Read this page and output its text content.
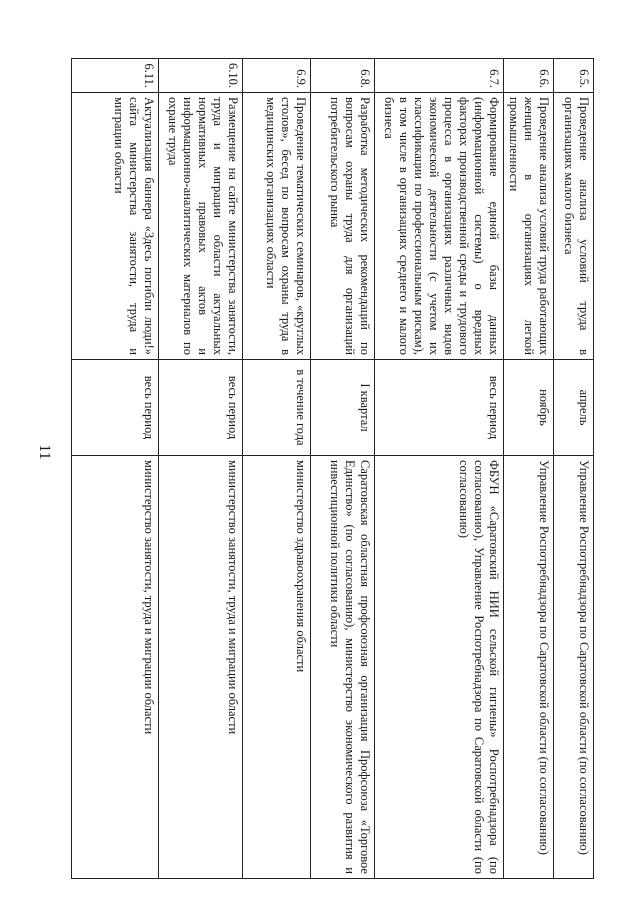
11
6.5.	Проведение анализа условий труда в организациях малого бизнеса	апрель	Управление Роспотребнадзора по Саратовской области (по согласованию)
6.6.	Проведение анализа условий труда работающих женщин в организациях легкой промышленности	ноябрь	Управление Роспотребнадзора по Саратовской области (по согласованию)
6.7.	Формирование единой базы данных (информационной системы) о вредных факторах производственной среды и трудового процесса в организациях различных видов экономической деятельности (с учетом их классификации по профессиональным рискам), в том числе в организациях среднего и малого бизнеса	весь период	ФБУН «Саратовский НИИ сельской гигиены» Роспотребнадзора (по согласованию), Управление Роспотребнадзора по Саратовской области (по согласованию)
6.8.	Разработка методических рекомендаций по вопросам охраны труда для организаций потребительского рынка	I квартал	Саратовская областная профсоюзная организация Профсоюза «Торговое Единство» (по согласованию), министерство экономического развития и инвестиционной политики области
6.9.	Проведение тематических семинаров, «круглых столов», бесед по вопросам охраны труда в медицинских организациях области	в течение года	министерство здравоохранения области
6.10.	Размещение на сайте министерства занятости, труда и миграции области актуальных нормативных правовых актов и информационно-аналитических материалов по охране труда	весь период	министерство занятости, труда и миграции области
6.11.	Актуализация баннера «Здесь погибли люди!» сайта министерства занятости, труда и миграции области	весь период	министерство занятости, труда и миграции области
